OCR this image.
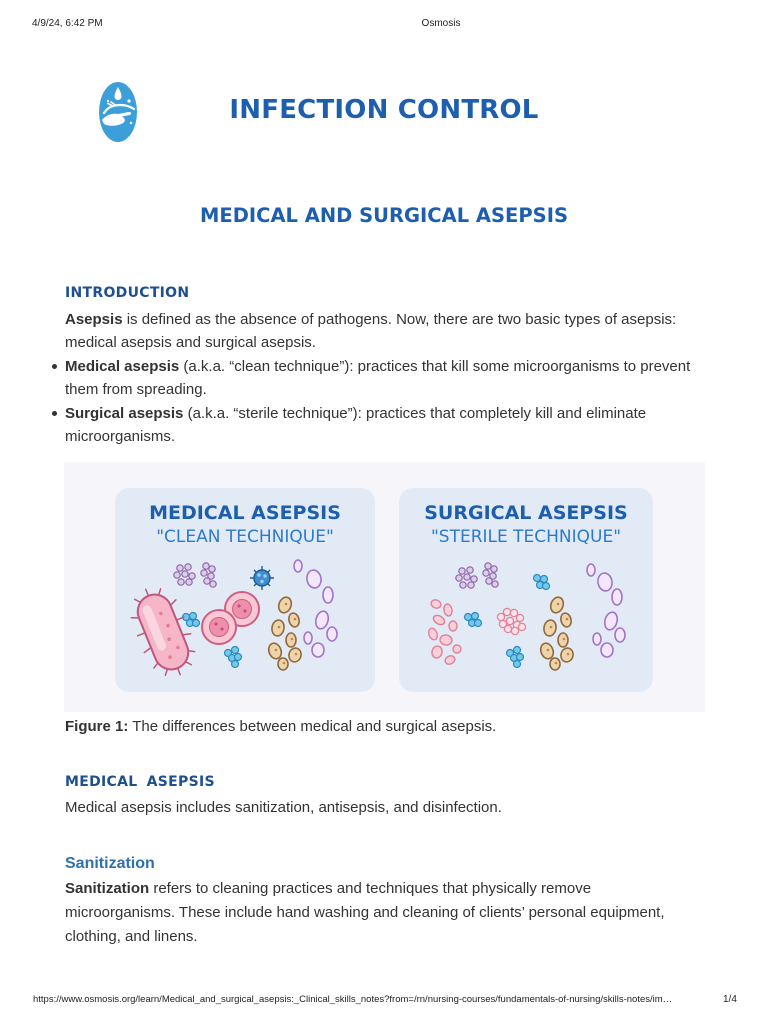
4/9/24, 6:42 PM	Osmosis
INFECTION CONTROL
MEDICAL AND SURGICAL ASEPSIS
INTRODUCTION

Asepsis is defined as the absence of pathogens. Now, there are two basic types of asepsis: medical asepsis and surgical asepsis.

Medical asepsis (a.k.a. “clean technique”): practices that kill some microorganisms to prevent them from spreading.
Surgical asepsis (a.k.a. “sterile technique”): practices that completely kill and eliminate microorganisms.
MEDICAL ASEPSIS
"CLEAN TECHNIQUE"
SURGICAL ASEPSIS
"STERILE TECHNIQUE"
Figure 1: The differences between medical and surgical asepsis.
MEDICAL ASEPSIS
Medical asepsis includes sanitization, antisepsis, and disinfection.
Sanitization

Sanitization refers to cleaning practices and techniques that physically remove microorganisms. These include hand washing and cleaning of clients’ personal equipment, clothing, and linens.

https://www.osmosis.org/learn/Medical_and_surgical_asepsis:_Clinical_skills_notes?from=/rn/nursing-courses/fundamentals-of-nursing/skills-notes/im…	1/4
